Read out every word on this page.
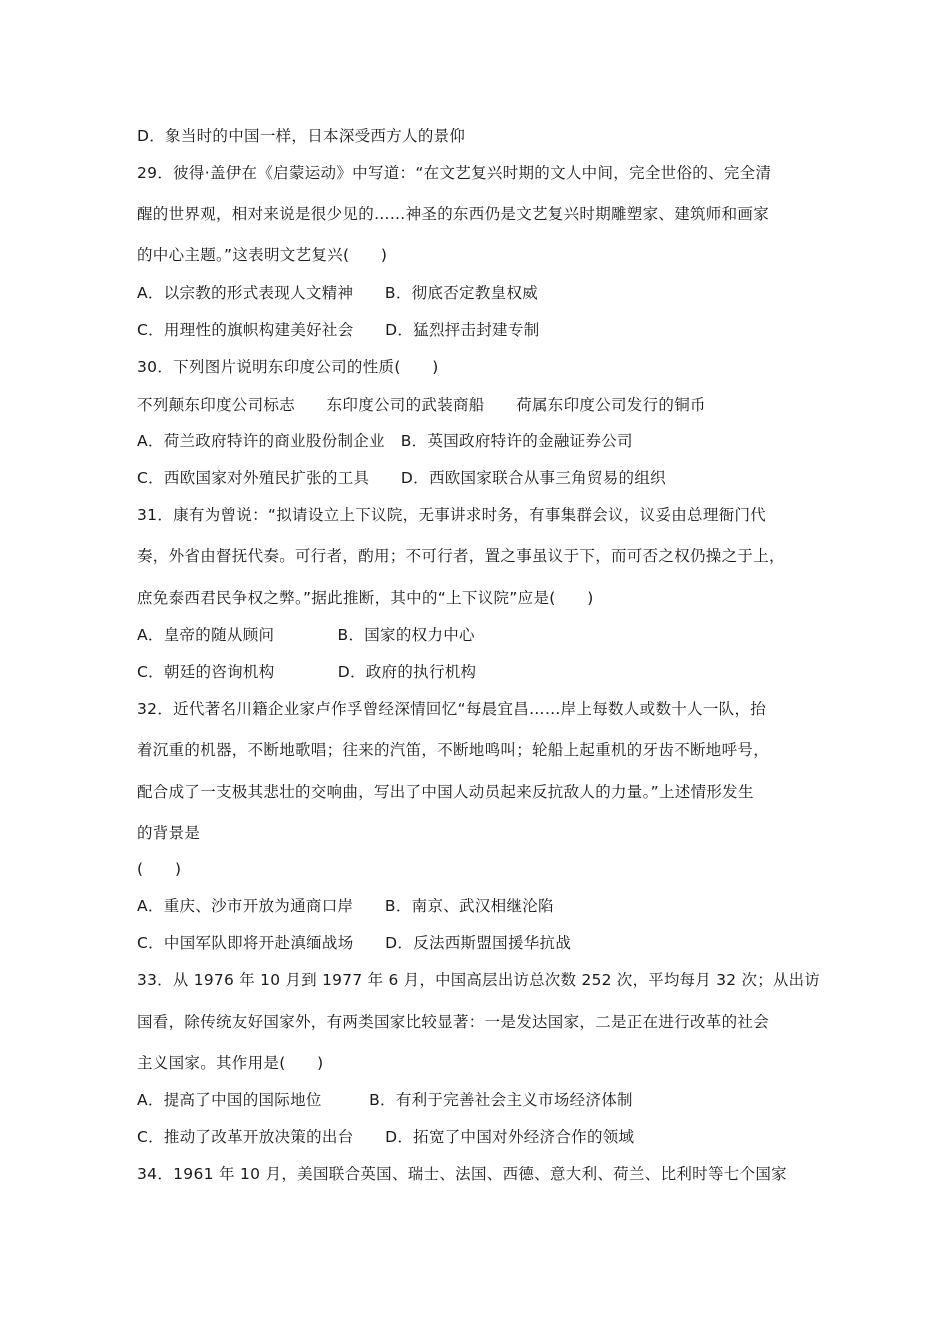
D．象当时的中国一样，日本深受西方人的景仰
29．彼得·盖伊在《启蒙运动》中写道：“在文艺复兴时期的文人中间，完全世俗的、完全清
醒的世界观，相对来说是很少见的……神圣的东西仍是文艺复兴时期雕塑家、建筑师和画家
的中心主题。”这表明文艺复兴(　　)
A．以宗教的形式表现人文精神　　B．彻底否定教皇权威
C．用理性的旗帜构建美好社会　　D．猛烈抨击封建专制
30．下列图片说明东印度公司的性质(　　)
不列颠东印度公司标志　　东印度公司的武装商船　　荷属东印度公司发行的铜币
A．荷兰政府特许的商业股份制企业　B．英国政府特许的金融证券公司
C．西欧国家对外殖民扩张的工具　　D．西欧国家联合从事三角贸易的组织
31．康有为曾说：“拟请设立上下议院，无事讲求时务，有事集群会议，议妥由总理衙门代
奏，外省由督抚代奏。可行者，酌用；不可行者，置之事虽议于下，而可否之权仍操之于上，
庶免泰西君民争权之弊。”据此推断，其中的“上下议院”应是(　　)
A．皇帝的随从顾问　　　　B．国家的权力中心
C．朝廷的咨询机构　　　　D．政府的执行机构
32．近代著名川籍企业家卢作孚曾经深情回忆“每晨宜昌……岸上每数人或数十人一队，抬
着沉重的机器，不断地歌唱；往来的汽笛，不断地鸣叫；轮船上起重机的牙齿不断地呼号，
配合成了一支极其悲壮的交响曲，写出了中国人动员起来反抗敌人的力量。”上述情形发生
的背景是
(　　)
A．重庆、沙市开放为通商口岸　　B．南京、武汉相继沦陷
C．中国军队即将开赴滇缅战场　　D．反法西斯盟国援华抗战
33．从 1976 年 10 月到 1977 年 6 月，中国高层出访总次数 252 次，平均每月 32 次；从出访
国看，除传统友好国家外，有两类国家比较显著：一是发达国家，二是正在进行改革的社会
主义国家。其作用是(　　)
A．提高了中国的国际地位　　　B．有利于完善社会主义市场经济体制
C．推动了改革开放决策的出台　　D．拓宽了中国对外经济合作的领域
34．1961 年 10 月，美国联合英国、瑞士、法国、西德、意大利、荷兰、比利时等七个国家
